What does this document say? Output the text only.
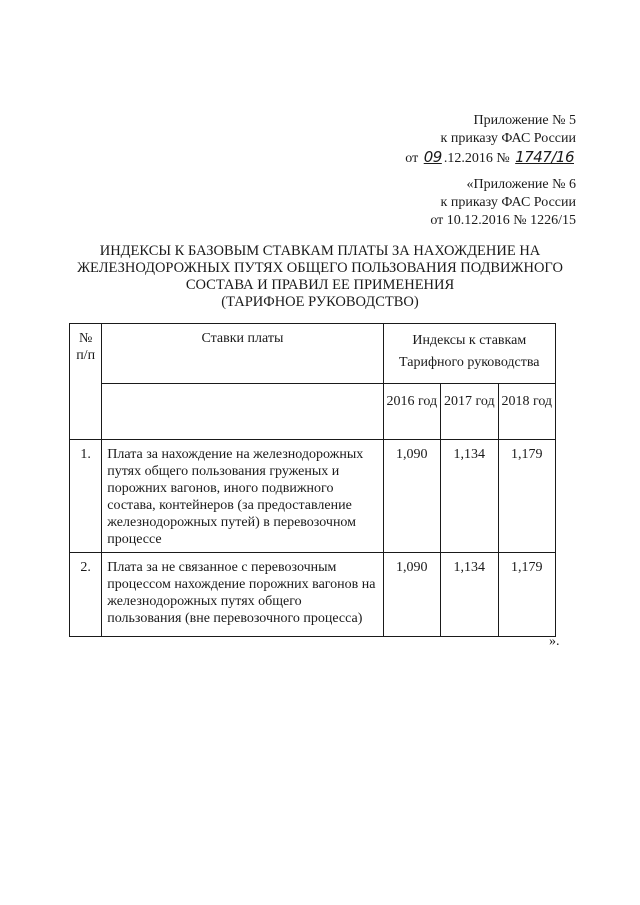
Приложение № 5
к приказу ФАС России
от 09 .12.2016 № 1747/16
«Приложение № 6
к приказу ФАС России
от 10.12.2016 № 1226/15
ИНДЕКСЫ К БАЗОВЫМ СТАВКАМ ПЛАТЫ ЗА НАХОЖДЕНИЕ НА
ЖЕЛЕЗНОДОРОЖНЫХ ПУТЯХ ОБЩЕГО ПОЛЬЗОВАНИЯ ПОДВИЖНОГО
СОСТАВА И ПРАВИЛ ЕЕ ПРИМЕНЕНИЯ
(ТАРИФНОЕ РУКОВОДСТВО)
№ п/п	Ставки платы	Индексы к ставкам
Тарифного руководства		

		2016 год	2017 год	2018 год
1.	Плата за нахождение на железнодорожных путях общего пользования груженых и порожних вагонов, иного подвижного состава, контейнеров (за предоставление железнодорожных путей) в перевозочном процессе	1,090	1,134	1,179
2.	Плата за не связанное с перевозочным процессом нахождение порожних вагонов на железнодорожных путях общего пользования (вне перевозочного процесса)	1,090	1,134	1,179
».
